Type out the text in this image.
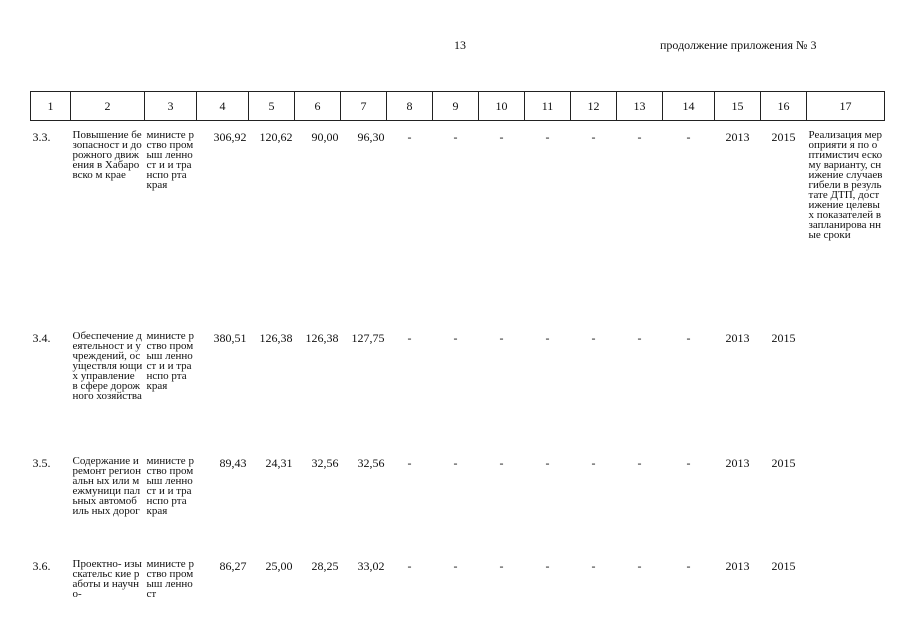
13	продолжение приложения № 3
1	2	3	4	5	6	7	8	9	10	11	12	13	14	15	16	17
3.3.	Повышение безопасност и дорожного движения в Хабаровско м крае	министе рство промыш ленност и и транспо рта края	306,92	120,62	90,00	96,30	-	-	-	-	-	-	-	2013	2015	Реализация мероприяти я по оптимистич ескому варианту, снижение случаев гибели в результате ДТП, достижение целевых показателей в запланирова нные сроки
3.4.	Обеспечение деятельност и учреждений, осуществля ющих управление в сфере дорожного хозяйства	министе рство промыш ленност и и транспо рта края	380,51	126,38	126,38	127,75	-	-	-	-	-	-	-	2013	2015	
3.5.	Содержание и ремонт региональн ых или межмуници пальных автомобиль ных дорог	министе рство промыш ленност и и транспо рта края	89,43	24,31	32,56	32,56	-	-	-	-	-	-	-	2013	2015	
3.6.	Проектно- изыскательс кие работы и научно-	министе рство промыш ленност	86,27	25,00	28,25	33,02	-	-	-	-	-	-	-	2013	2015	
